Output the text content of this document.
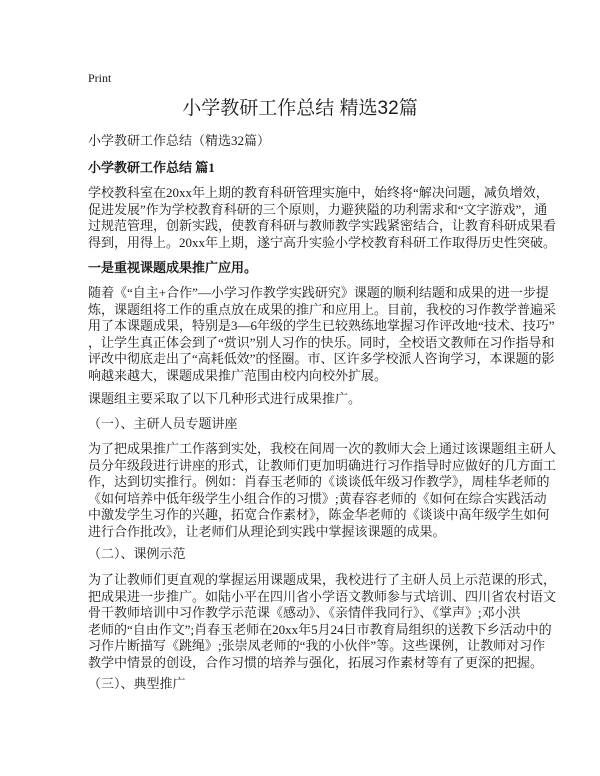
Print
小学教研工作总结 精选32篇
小学教研工作总结（精选32篇）
小学教研工作总结 篇1
学校教科室在20xx年上期的教育科研管理实施中，始终将“解决问题，减负增效，
促进发展”作为学校教育科研的三个原则，力避狭隘的功利需求和“文字游戏”，通
过规范管理，创新实践，使教育科研与教师教学实践紧密结合，让教育科研成果看
得到，用得上。20xx年上期，遂宁高升实验小学校教育科研工作取得历史性突破。
一是重视课题成果推广应用。
随着《“自主+合作”—小学习作教学实践研究》课题的顺利结题和成果的进一步提
炼，课题组将工作的重点放在成果的推广和应用上。目前，我校的习作教学普遍采
用了本课题成果，特别是3—6年级的学生已较熟练地掌握习作评改地“技术、技巧”
，让学生真正体会到了“赏识”别人习作的快乐。同时，全校语文教师在习作指导和
评改中彻底走出了“高耗低效”的怪圈。市、区许多学校派人咨询学习，本课题的影
响越来越大，课题成果推广范围由校内向校外扩展。
课题组主要采取了以下几种形式进行成果推广。
（一）、主研人员专题讲座
为了把成果推广工作落到实处，我校在间周一次的教师大会上通过该课题组主研人
员分年级段进行讲座的形式，让教师们更加明确进行习作指导时应做好的几方面工
作，达到切实推行。例如：肖春玉老师的《谈谈低年级习作教学》，周桂华老师的
《如何培养中低年级学生小组合作的习惯》;黄春容老师的《如何在综合实践活动
中激发学生习作的兴趣，拓宽合作素材》，陈金华老师的《谈谈中高年级学生如何
进行合作批改》，让老师们从理论到实践中掌握该课题的成果。
（二）、课例示范
为了让教师们更直观的掌握运用课题成果，我校进行了主研人员上示范课的形式，
把成果进一步推广。如陆小平在四川省小学语文教师参与式培训、四川省农村语文
骨干教师培训中习作教学示范课《感动》、《亲情伴我同行》、《掌声》;邓小洪
老师的“自由作文”;肖春玉老师在20xx年5月24日市教育局组织的送教下乡活动中的
习作片断描写《跳绳》;张崇凤老师的“我的小伙伴”等。这些课例，让教师对习作
教学中情景的创设，合作习惯的培养与强化，拓展习作素材等有了更深的把握。
（三）、典型推广
